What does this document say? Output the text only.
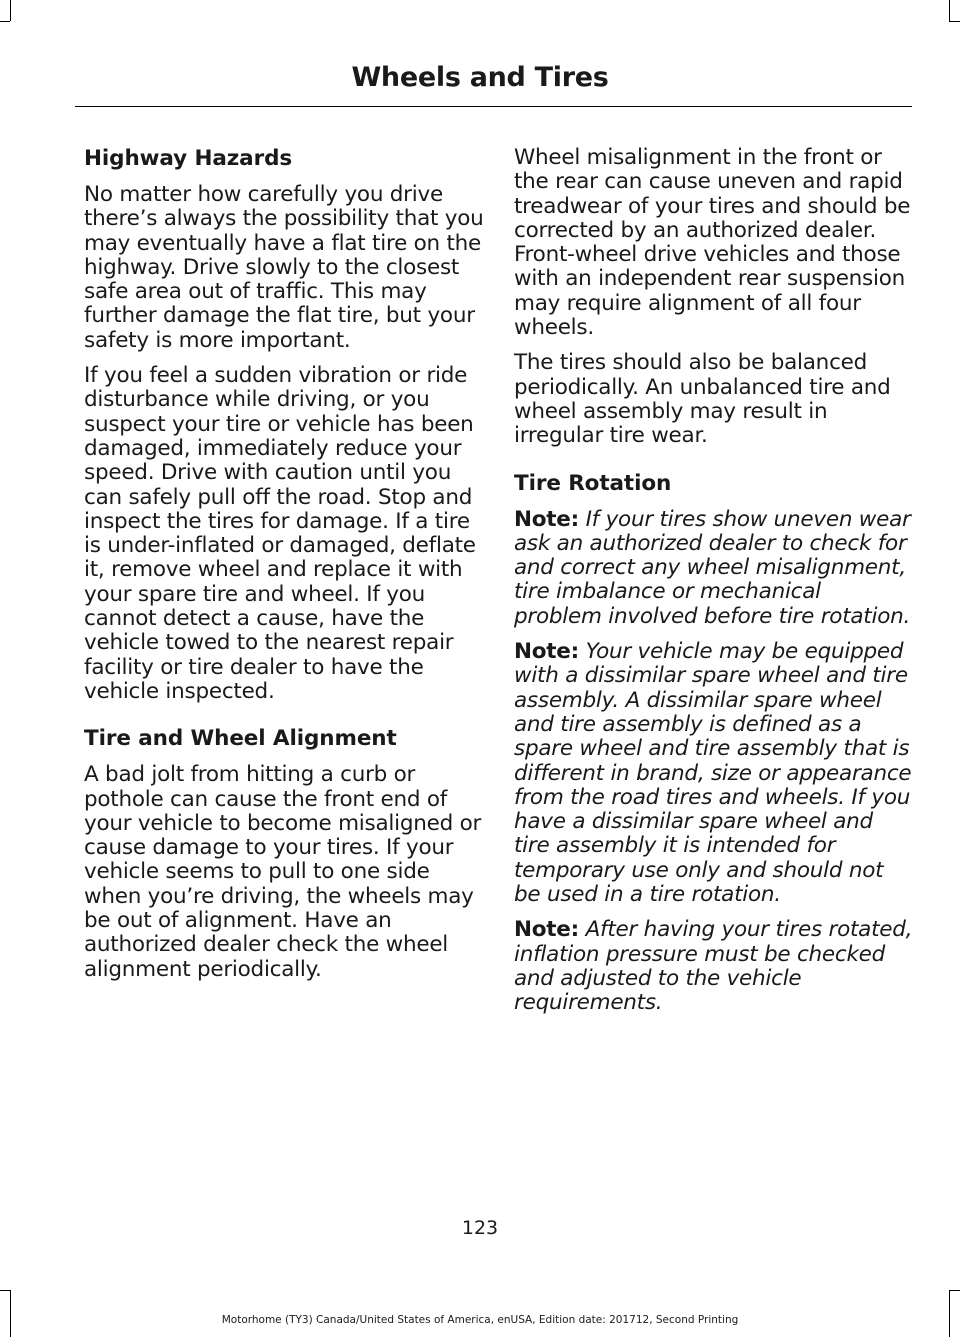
Wheels and Tires
Highway Hazards

No matter how carefully you drive there’s always the possibility that you may eventually have a flat tire on the highway. Drive slowly to the closest safe area out of traffic. This may further damage the flat tire, but your safety is more important.

If you feel a sudden vibration or ride disturbance while driving, or you suspect your tire or vehicle has been damaged, immediately reduce your speed. Drive with caution until you can safely pull off the road. Stop and inspect the tires for damage. If a tire is under-inflated or damaged, deflate it, remove wheel and replace it with your spare tire and wheel. If you cannot detect a cause, have the vehicle towed to the nearest repair facility or tire dealer to have the vehicle inspected.

Tire and Wheel Alignment

A bad jolt from hitting a curb or pothole can cause the front end of your vehicle to become misaligned or cause damage to your tires. If your vehicle seems to pull to one side when you’re driving, the wheels may be out of alignment. Have an authorized dealer check the wheel alignment periodically.

Wheel misalignment in the front or the rear can cause uneven and rapid treadwear of your tires and should be corrected by an authorized dealer. Front-wheel drive vehicles and those with an independent rear suspension may require alignment of all four wheels.

The tires should also be balanced periodically. An unbalanced tire and wheel assembly may result in irregular tire wear.

Tire Rotation

Note: If your tires show uneven wear ask an authorized dealer to check for and correct any wheel misalignment, tire imbalance or mechanical problem involved before tire rotation.

Note: Your vehicle may be equipped with a dissimilar spare wheel and tire assembly. A dissimilar spare wheel and tire assembly is defined as a spare wheel and tire assembly that is different in brand, size or appearance from the road tires and wheels. If you have a dissimilar spare wheel and tire assembly it is intended for temporary use only and should not be used in a tire rotation.

Note: After having your tires rotated, inflation pressure must be checked and adjusted to the vehicle requirements.

123
Motorhome (TY3) Canada/United States of America, enUSA, Edition date: 201712, Second Printing
